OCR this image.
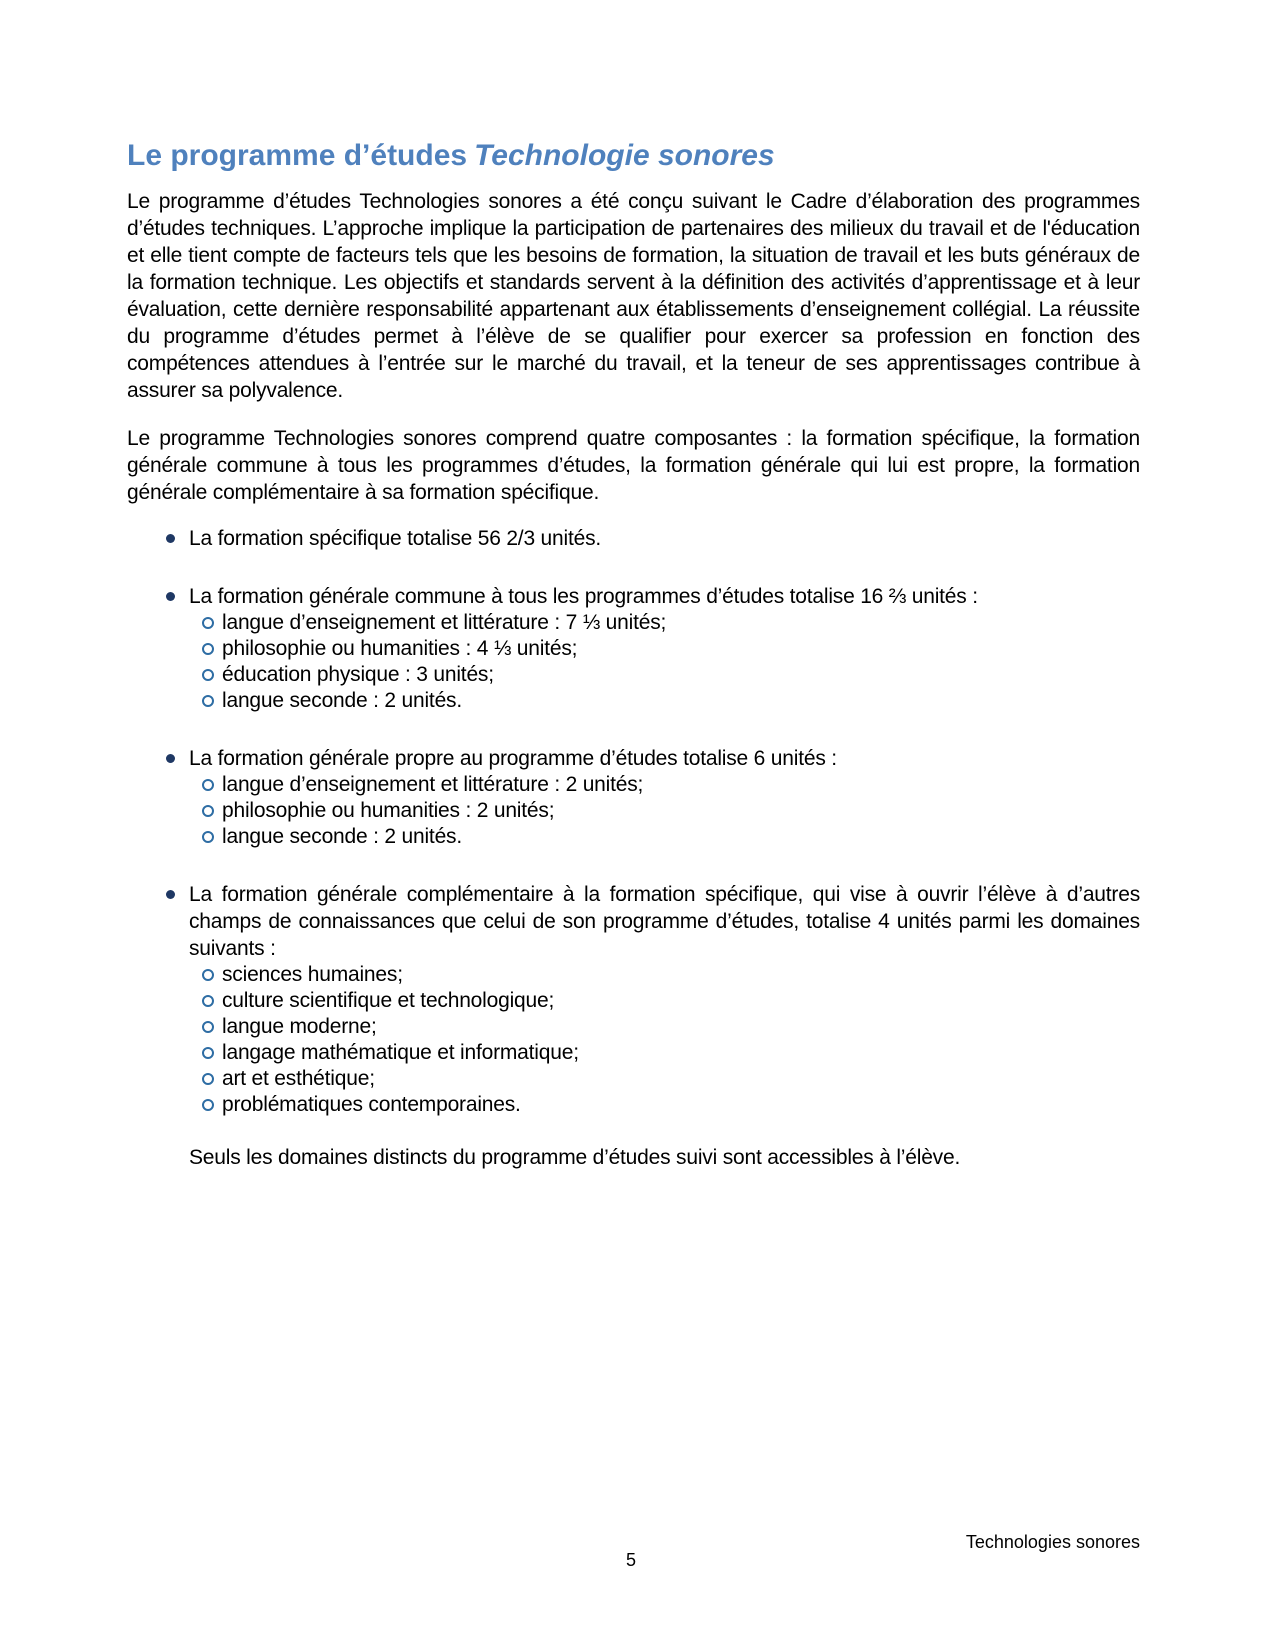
Le programme d’études Technologie sonores

Le programme d’études Technologies sonores a été conçu suivant le Cadre d’élaboration des programmes d’études techniques. L’approche implique la participation de partenaires des milieux du travail et de l'éducation et elle tient compte de facteurs tels que les besoins de formation, la situation de travail et les buts généraux de la formation technique. Les objectifs et standards servent à la définition des activités d’apprentissage et à leur évaluation, cette dernière responsabilité appartenant aux établissements d’enseignement collégial. La réussite du programme d’études permet à l’élève de se qualifier pour exercer sa profession en fonction des compétences attendues à l’entrée sur le marché du travail, et la teneur de ses apprentissages contribue à assurer sa polyvalence.

Le programme Technologies sonores comprend quatre composantes : la formation spécifique, la formation générale commune à tous les programmes d’études, la formation générale qui lui est propre, la formation générale complémentaire à sa formation spécifique.

La formation spécifique totalise 56 2/3 unités.
La formation générale commune à tous les programmes d’études totalise 16 ⅔ unités :
langue d’enseignement et littérature : 7 ⅓ unités;
philosophie ou humanities : 4 ⅓ unités;
éducation physique : 3 unités;
langue seconde : 2 unités.
La formation générale propre au programme d’études totalise 6 unités :
langue d’enseignement et littérature : 2 unités;
philosophie ou humanities : 2 unités;
langue seconde : 2 unités.
La formation générale complémentaire à la formation spécifique, qui vise à ouvrir l’élève à d’autres champs de connaissances que celui de son programme d’études, totalise 4 unités parmi les domaines suivants :
sciences humaines;
culture scientifique et technologique;
langue moderne;
langage mathématique et informatique;
art et esthétique;
problématiques contemporaines.

Seuls les domaines distincts du programme d’études suivi sont accessibles à l’élève.

Technologies sonores
5
